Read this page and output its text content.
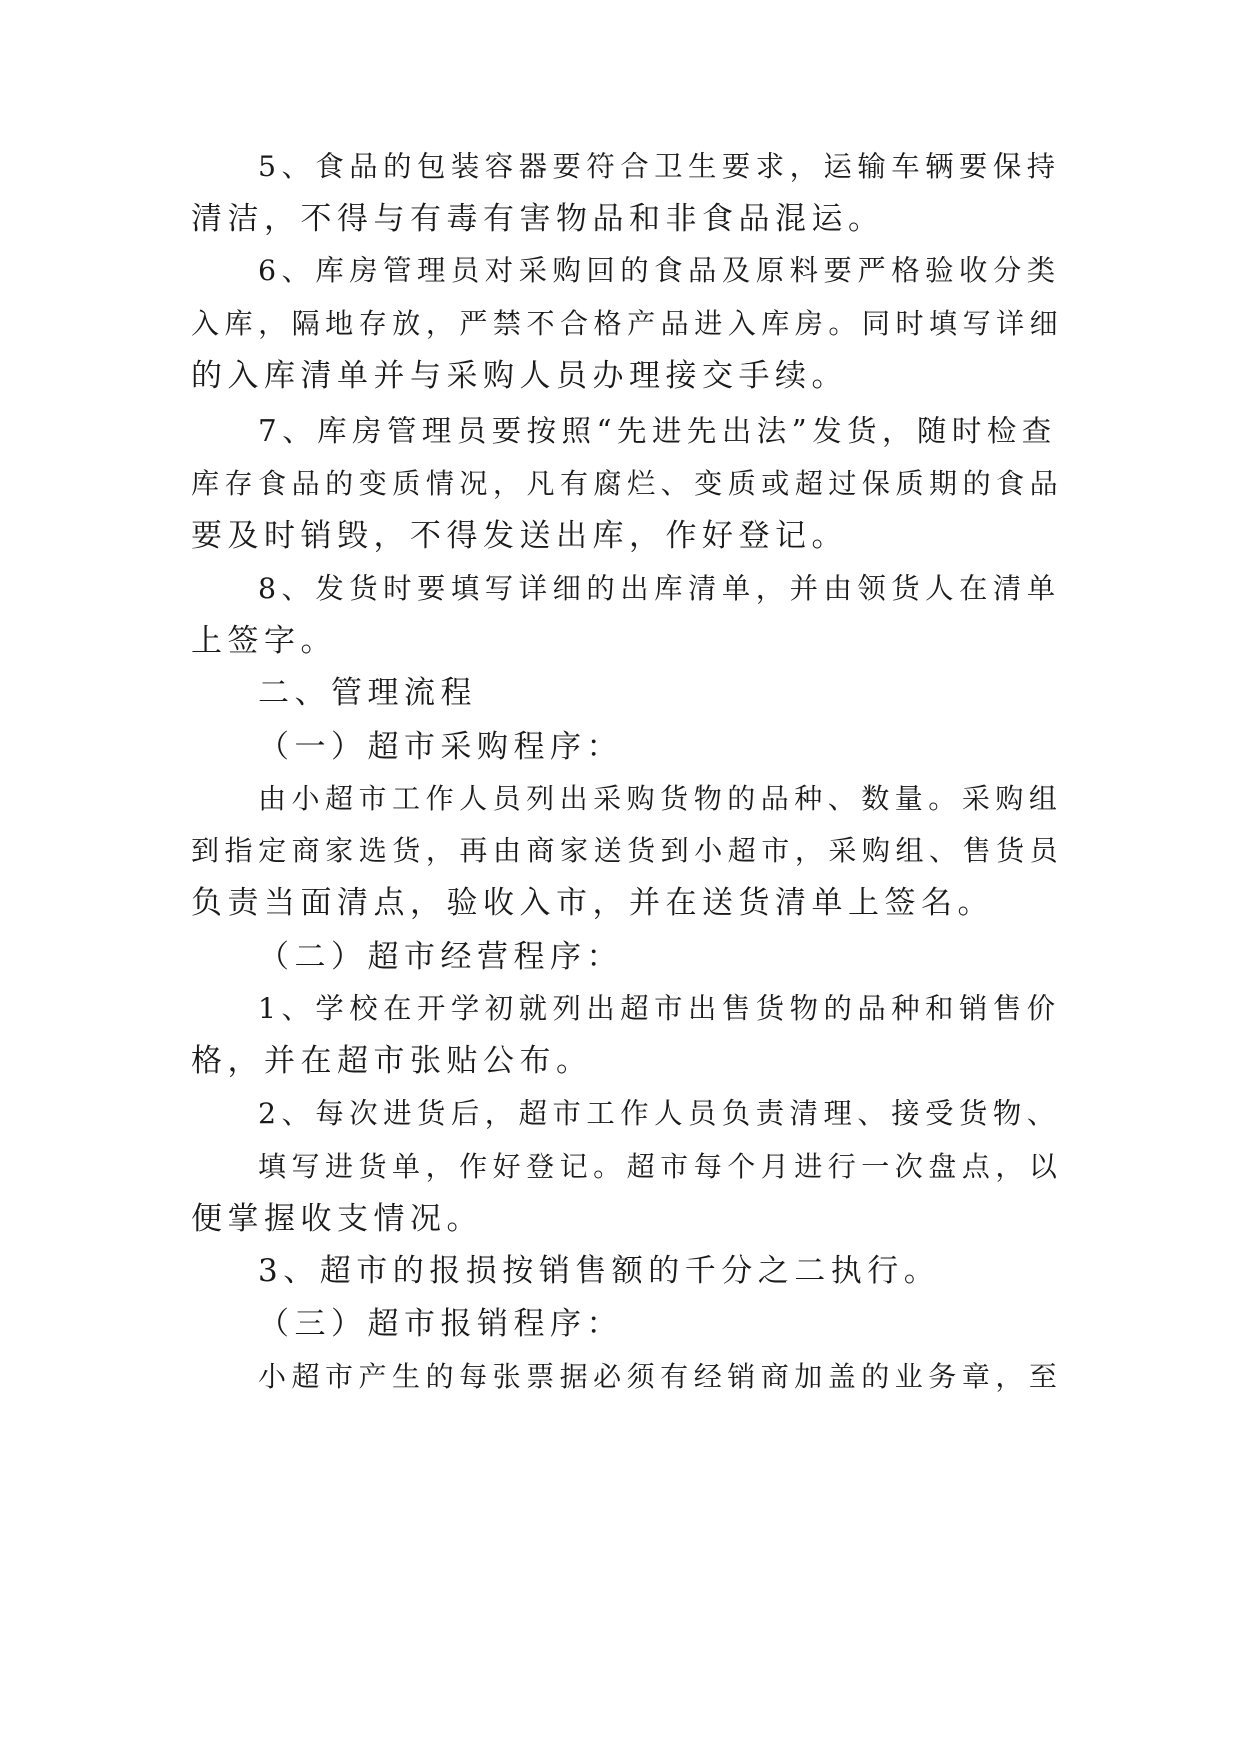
5、食品的包装容器要符合卫生要求，运输车辆要保持
清洁，不得与有毒有害物品和非食品混运。
6、库房管理员对采购回的食品及原料要严格验收分类
入库，隔地存放，严禁不合格产品进入库房。同时填写详细
的入库清单并与采购人员办理接交手续。
7、库房管理员要按照“先进先出法”发货，随时检查
库存食品的变质情况，凡有腐烂、变质或超过保质期的食品
要及时销毁，不得发送出库，作好登记。
8、发货时要填写详细的出库清单，并由领货人在清单
上签字。
二、管理流程
（一）超市采购程序：
由小超市工作人员列出采购货物的品种、数量。采购组
到指定商家选货，再由商家送货到小超市，采购组、售货员
负责当面清点，验收入市，并在送货清单上签名。
（二）超市经营程序：
1、学校在开学初就列出超市出售货物的品种和销售价
格，并在超市张贴公布。
2、每次进货后，超市工作人员负责清理、接受货物、
填写进货单，作好登记。超市每个月进行一次盘点，以
便掌握收支情况。
3、超市的报损按销售额的千分之二执行。
（三）超市报销程序：
小超市产生的每张票据必须有经销商加盖的业务章，至
